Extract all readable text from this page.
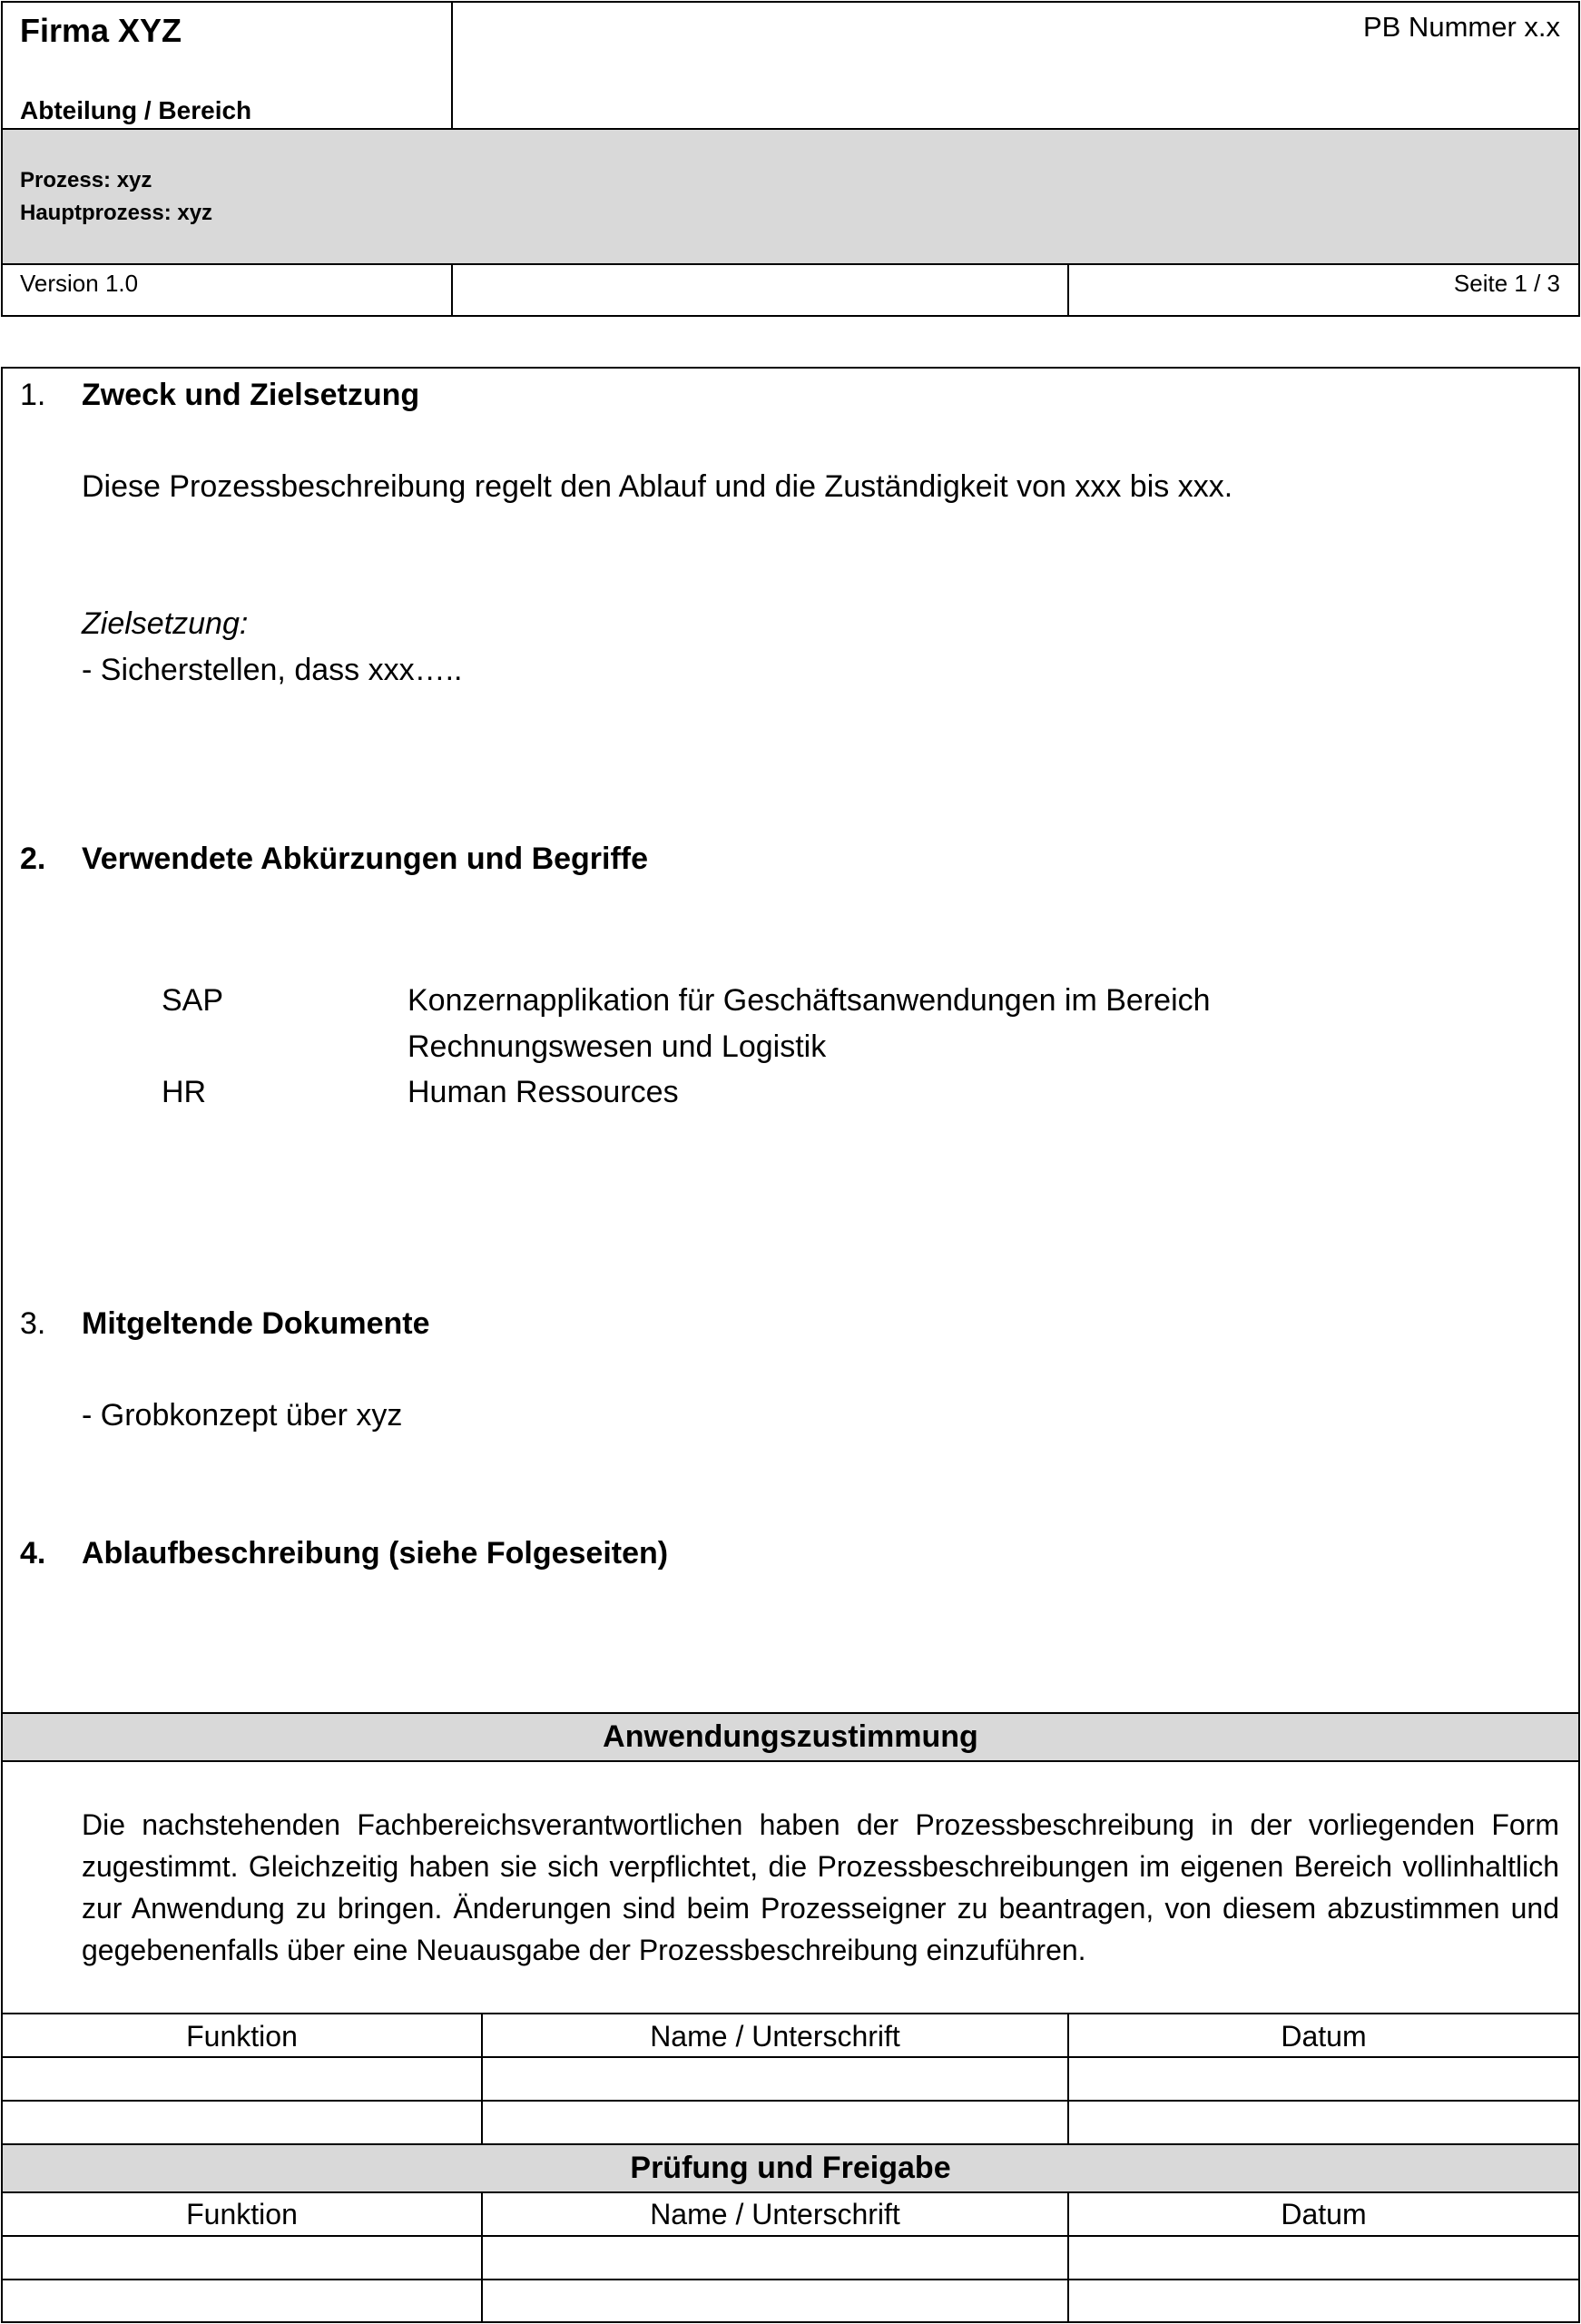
Firma XYZ
Abteilung / Bereich
PB Nummer x.x
Prozess: xyz
Hauptprozess: xyz
Version 1.0	Seite 1 / 3
1. Zweck und Zielsetzung
Diese Prozessbeschreibung regelt den Ablauf und die Zuständigkeit von xxx bis xxx.
Zielsetzung:
- Sicherstellen, dass xxx…..
2. Verwendete Abkürzungen und Begriffe
SAP	Konzernapplikation für Geschäftsanwendungen im Bereich
Rechnungswesen und Logistik
HR	Human Ressources
3. Mitgeltende Dokumente
- Grobkonzept über xyz
4. Ablaufbeschreibung (siehe Folgeseiten)
Anwendungszustimmung
Die nachstehenden Fachbereichsverantwortlichen haben der Prozessbeschreibung in der vorliegenden Form zugestimmt. Gleichzeitig haben sie sich verpflichtet, die Prozessbeschreibungen im eigenen Bereich vollinhaltlich zur Anwendung zu bringen. Änderungen sind beim Prozesseigner zu beantragen, von diesem abzustimmen und gegebenenfalls über eine Neuausgabe der Prozessbeschreibung einzuführen.
Funktion	Name / Unterschrift	Datum
Prüfung und Freigabe
Funktion	Name / Unterschrift	Datum
